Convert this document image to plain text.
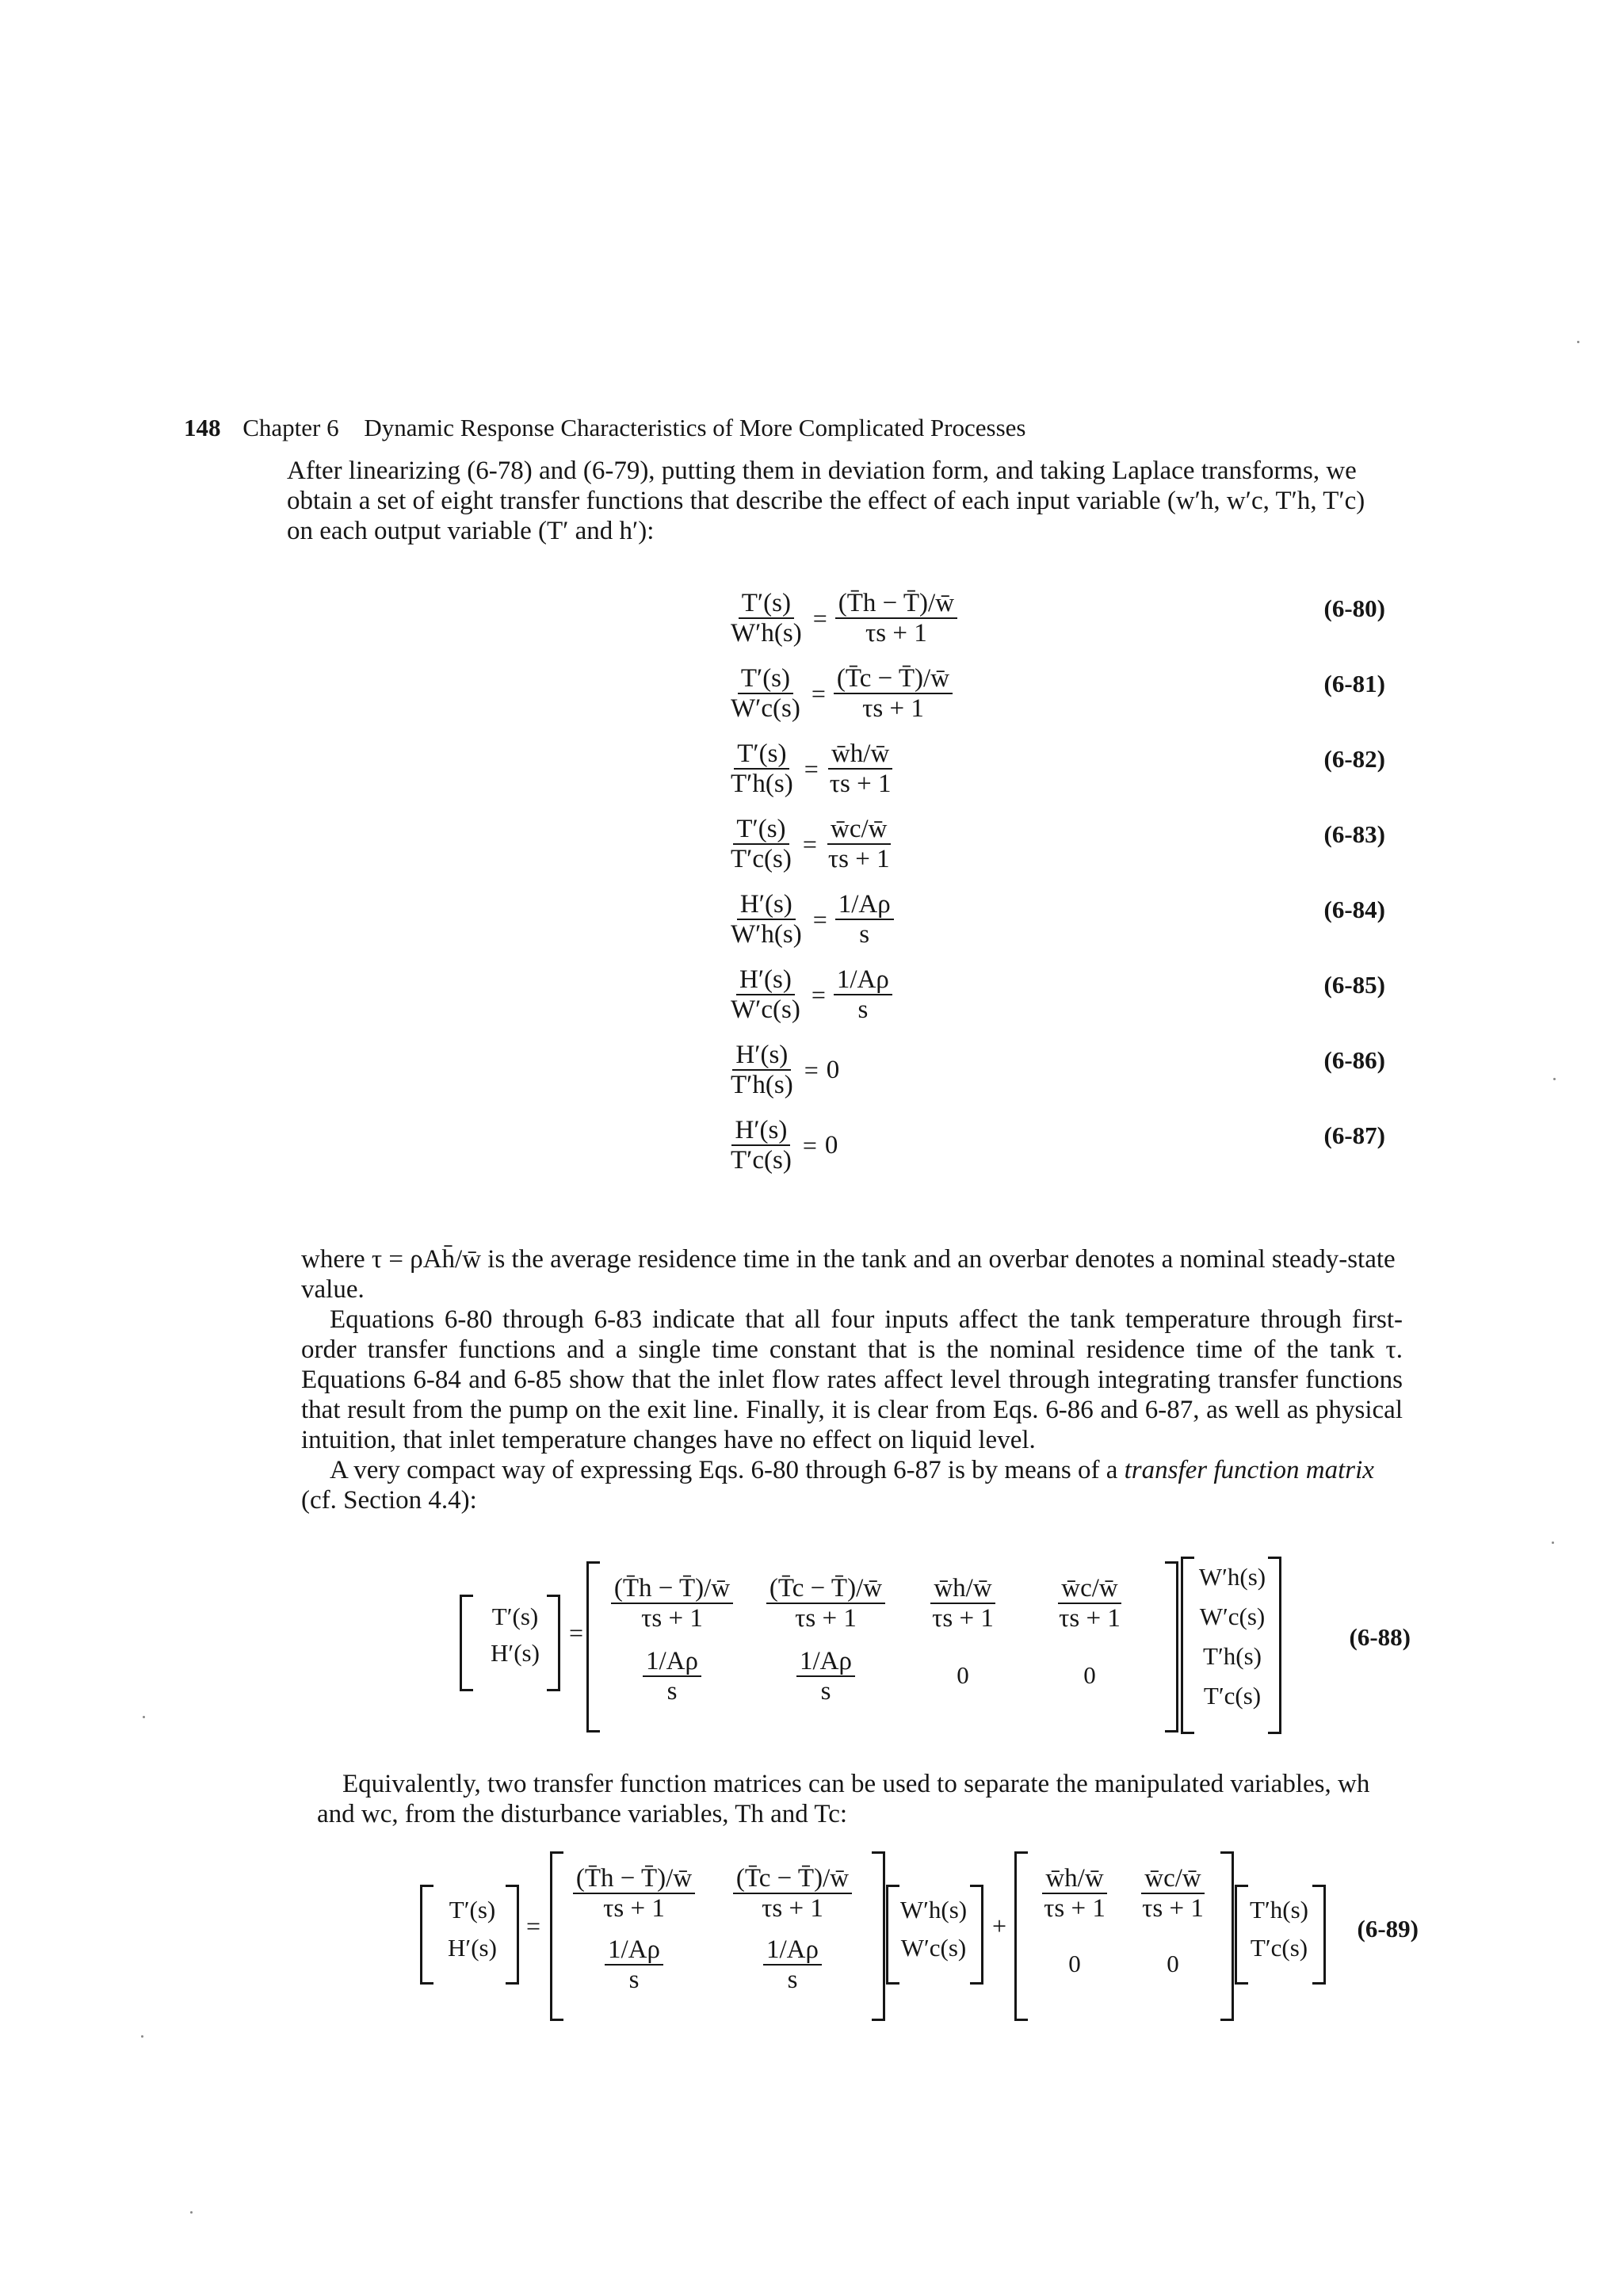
148 Chapter 6 Dynamic Response Characteristics of More Complicated Processes
After linearizing (6-78) and (6-79), putting them in deviation form, and taking Laplace transforms, we obtain a set of eight transfer functions that describe the effect of each input variable (w′h, w′c, T′h, T′c) on each output variable (T′ and h′):
$\frac{T'(s)}{W'h(s)} = \frac{(T̄h - T̄)/w̄}{\tau s + 1}$	(6-80)
$\frac{T'(s)}{W'c(s)} = \frac{(T̄c - T̄)/w̄}{\tau s + 1}$	(6-81)
$\frac{T'(s)}{T'h(s)} = \frac{w̄h/w̄}{\tau s + 1}$	(6-82)
$\frac{T'(s)}{T'c(s)} = \frac{w̄c/w̄}{\tau s + 1}$	(6-83)
$\frac{H'(s)}{W'h(s)} = \frac{1/A\rho}{s}$	(6-84)
$\frac{H'(s)}{W'c(s)} = \frac{1/A\rho}{s}$	(6-85)
$\frac{H'(s)}{T'h(s)} = 0$	(6-86)
$\frac{H'(s)}{T'c(s)} = 0$	(6-87)
where τ = ρAh̄/w̄ is the average residence time in the tank and an overbar denotes a nominal steady-state value.
Equations 6-80 through 6-83 indicate that all four inputs affect the tank temperature through first-order transfer functions and a single time constant that is the nominal residence time of the tank τ. Equations 6-84 and 6-85 show that the inlet flow rates affect level through integrating transfer functions that result from the pump on the exit line. Finally, it is clear from Eqs. 6-86 and 6-87, as well as physical intuition, that inlet temperature changes have no effect on liquid level.
A very compact way of expressing Eqs. 6-80 through 6-87 is by means of a transfer function matrix (cf. Section 4.4):
T′(s)
H′(s)
= $\frac{(T̄h - T̄)/w̄}{\tau s + 1} \frac{(T̄c - T̄)/w̄}{\tau s + 1} \frac{w̄h/w̄}{\tau s + 1} \frac{w̄c/w̄}{\tau s + 1}$
$\frac{1/A\rho}{s}$	$\frac{1/A\rho}{s}$	0	0
W′h(s)
W′c(s)
T′h(s)
T′c(s)
(6-88)
Equivalently, two transfer function matrices can be used to separate the manipulated variables, wh and wc, from the disturbance variables, Th and Tc:
T′(s)
H′(s)
=
$\frac{(T̄h - T̄)/w̄}{\tau s + 1} \frac{(T̄c - T̄)/w̄}{\tau s + 1}$
$\frac{1/A\rho}{s}$	$\frac{1/A\rho}{s}$
W′h(s)
W′c(s)
+
$\frac{w̄h/w̄}{\tau s + 1} \frac{w̄c/w̄}{\tau s + 1}$
0	0
T′h(s)
T′c(s)
(6-89)
